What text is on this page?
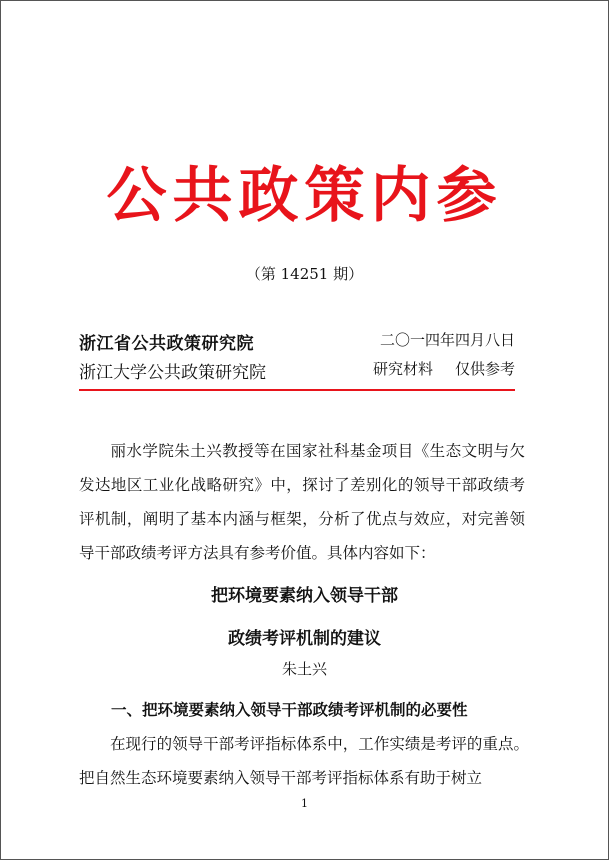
公共政策内参
（第 14251 期）
浙江省公共政策研究院	二〇一四年四月八日
浙江大学公共政策研究院	研究材料 仅供参考

丽水学院朱土兴教授等在国家社科基金项目《生态文明与欠发达地区工业化战略研究》中，探讨了差别化的领导干部政绩考评机制，阐明了基本内涵与框架，分析了优点与效应，对完善领导干部政绩考评方法具有参考价值。具体内容如下：

把环境要素纳入领导干部
政绩考评机制的建议
朱土兴
一、把环境要素纳入领导干部政绩考评机制的必要性

在现行的领导干部考评指标体系中，工作实绩是考评的重点。把自然生态环境要素纳入领导干部考评指标体系有助于树立

1
